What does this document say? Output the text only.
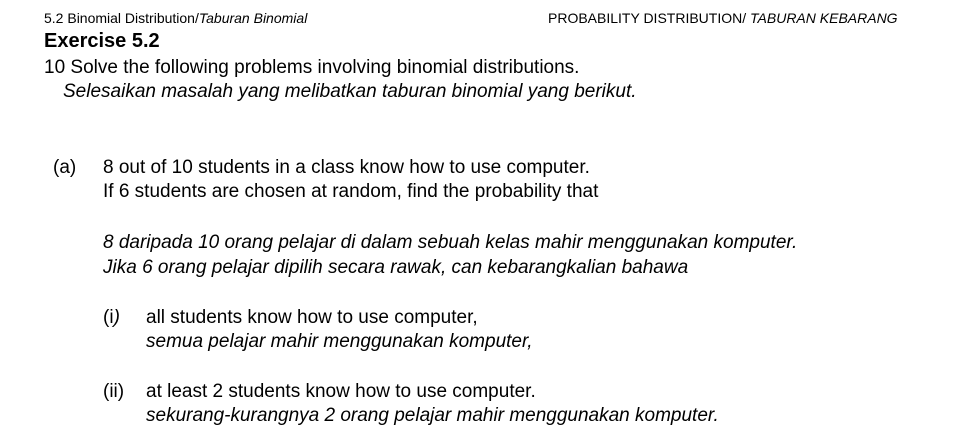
5.2 Binomial Distribution/Taburan Binomial	PROBABILITY DISTRIBUTION/ TABURAN KEBARANG
Exercise 5.2
10 Solve the following problems involving binomial distributions.
Selesaikan masalah yang melibatkan taburan binomial yang berikut.
(a) 8 out of 10 students in a class know how to use computer.
If 6 students are chosen at random, find the probability that
8 daripada 10 orang pelajar di dalam sebuah kelas mahir menggunakan komputer.
Jika 6 orang pelajar dipilih secara rawak, can kebarangkalian bahawa
(i) all students know how to use computer,
semua pelajar mahir menggunakan komputer,
(ii) at least 2 students know how to use computer.
sekurang-kurangnya 2 orang pelajar mahir menggunakan komputer.
